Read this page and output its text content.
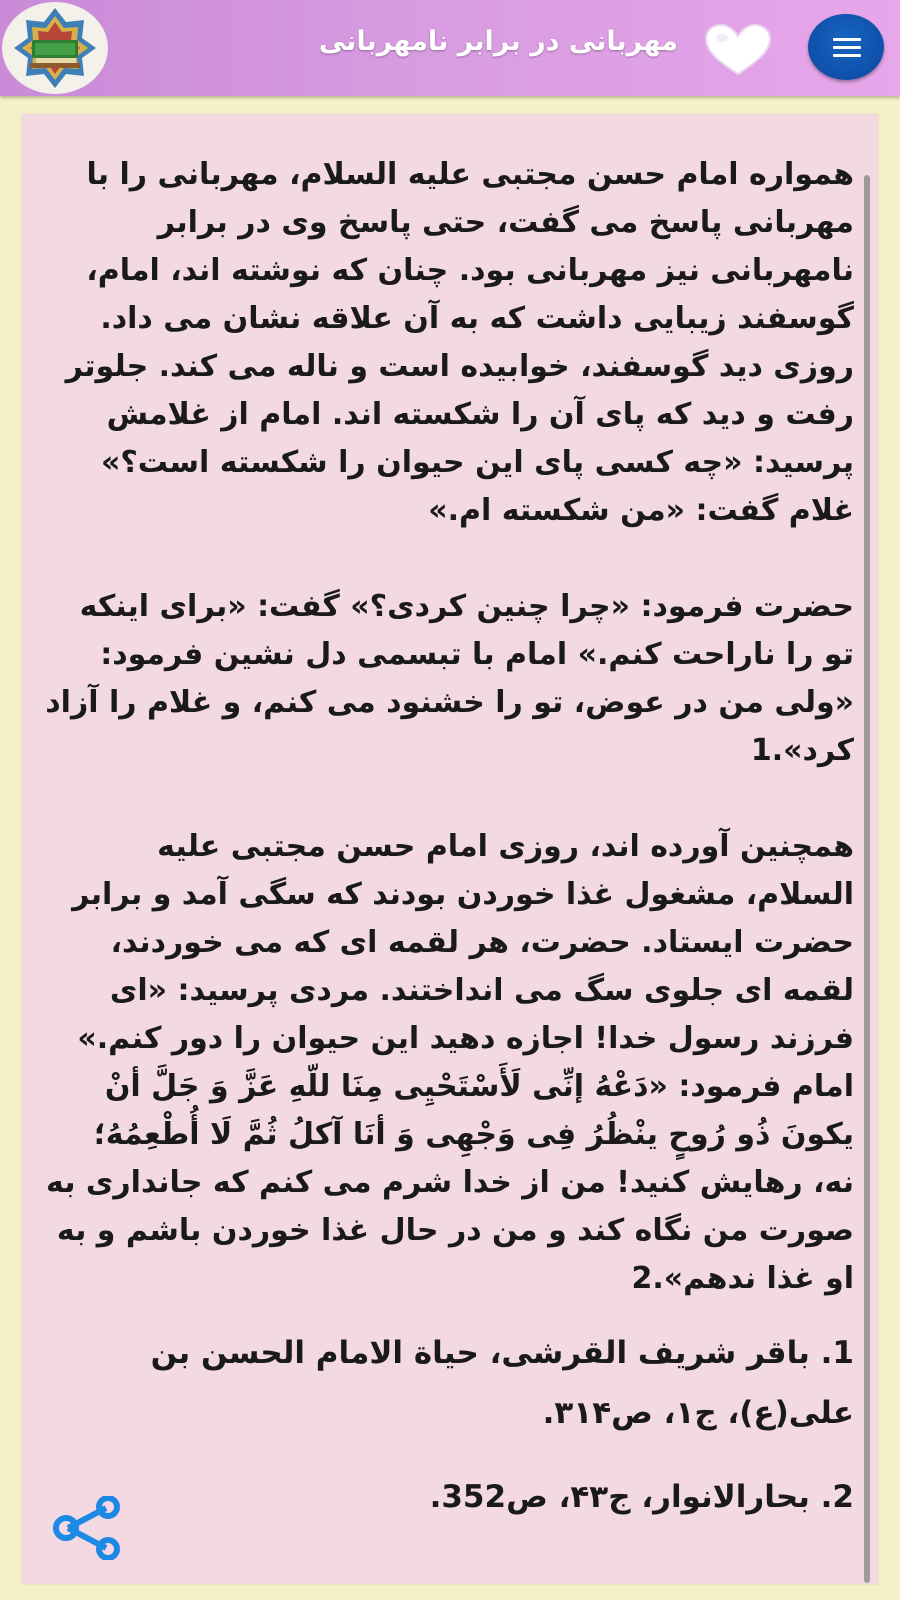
مهربانی در برابر نامهربانی

همواره امام حسن مجتبی علیه السلام، مهربانی را با مهربانی پاسخ می گفت، حتی پاسخ وی در برابر نامهربانی نیز مهربانی بود. چنان که نوشته اند، امام، گوسفند زیبایی داشت که به آن علاقه نشان می داد. روزی دید گوسفند، خوابیده است و ناله می کند. جلوتر رفت و دید که پای آن را شکسته اند. امام از غلامش پرسید: «چه کسی پای این حیوان را شکسته است؟» غلام گفت: «من شکسته ام.»

حضرت فرمود: «چرا چنین کردی؟» گفت: «برای اینکه تو را ناراحت کنم.» امام با تبسمی دل نشین فرمود: «ولی من در عوض، تو را خشنود می کنم، و غلام را آزاد کرد».1

همچنین آورده اند، روزی امام حسن مجتبی علیه السلام، مشغول غذا خوردن بودند که سگی آمد و برابر حضرت ایستاد. حضرت، هر لقمه ای که می خوردند، لقمه ای جلوی سگ می انداختند. مردی پرسید: «ای فرزند رسول خدا! اجازه دهید این حیوان را دور کنم.» امام فرمود: «دَعْهُ إنِّی لَأَسْتَحْیِی مِنَا للّهِ عَزَّ وَ جَلَّ أنْ یکونَ ذُو رُوحٍ ینْظُرُ فِی وَجْهِی وَ أنَا آکلُ ثُمَّ لَا أُطْعِمُهُ؛ نه، رهایش کنید! من از خدا شرم می کنم که جانداری به صورت من نگاه کند و من در حال غذا خوردن باشم و به او غذا ندهم».2

1. باقر شریف القرشی، حیاة الامام الحسن بن علی(ع)، ج۱، ص۳۱۴.

2. بحارالانوار، ج۴۳، ص352.
